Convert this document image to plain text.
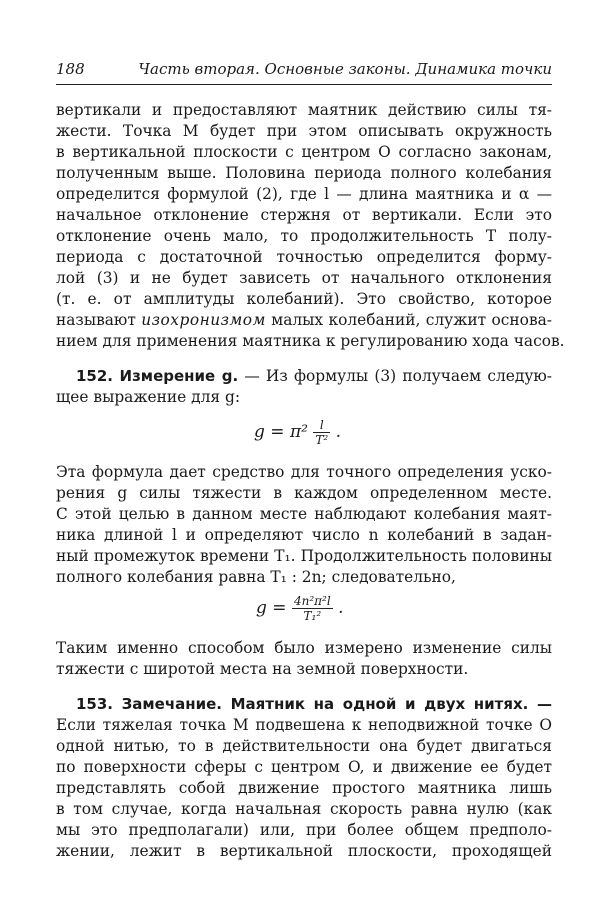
188	Часть вторая. Основные законы. Динамика точки
вертикали и предоставляют маятник действию силы тя-
жести. Точка M будет при этом описывать окружность
в вертикальной плоскости с центром O согласно законам,
полученным выше. Половина периода полного колебания
определится формулой (2), где l — длина маятника и α —
начальное отклонение стержня от вертикали. Если это
отклонение очень мало, то продолжительность T полу-
периода с достаточной точностью определится форму-
лой (3) и не будет зависеть от начального отклонения
(т. е. от амплитуды колебаний). Это свойство, которое
называют изохронизмом малых колебаний, служит основа-
нием для применения маятника к регулированию хода часов.
152. Измерение g. — Из формулы (3) получаем следую-
щее выражение для g:
$g = \pi^2 \frac{l}{\text{T²}}$ .
Эта формула дает средство для точного определения уско-
рения g силы тяжести в каждом определенном месте.
С этой целью в данном месте наблюдают колебания маят-
ника длиной l и определяют число n колебаний в задан-
ный промежуток времени T₁. Продолжительность половины
полного колебания равна T₁ : 2n; следовательно,
$g = \frac{\text{4n²π²l}}{\text{T₁²}}$ .
Таким именно способом было измерено изменение силы
тяжести с широтой места на земной поверхности.
153. Замечание. Маятник на одной и двух нитях. —
Если тяжелая точка M подвешена к неподвижной точке O
одной нитью, то в действительности она будет двигаться
по поверхности сферы с центром O, и движение ее будет
представлять собой движение простого маятника лишь
в том случае, когда начальная скорость равна нулю (как
мы это предполагали) или, при более общем предполо-
жении, лежит в вертикальной плоскости, проходящей
